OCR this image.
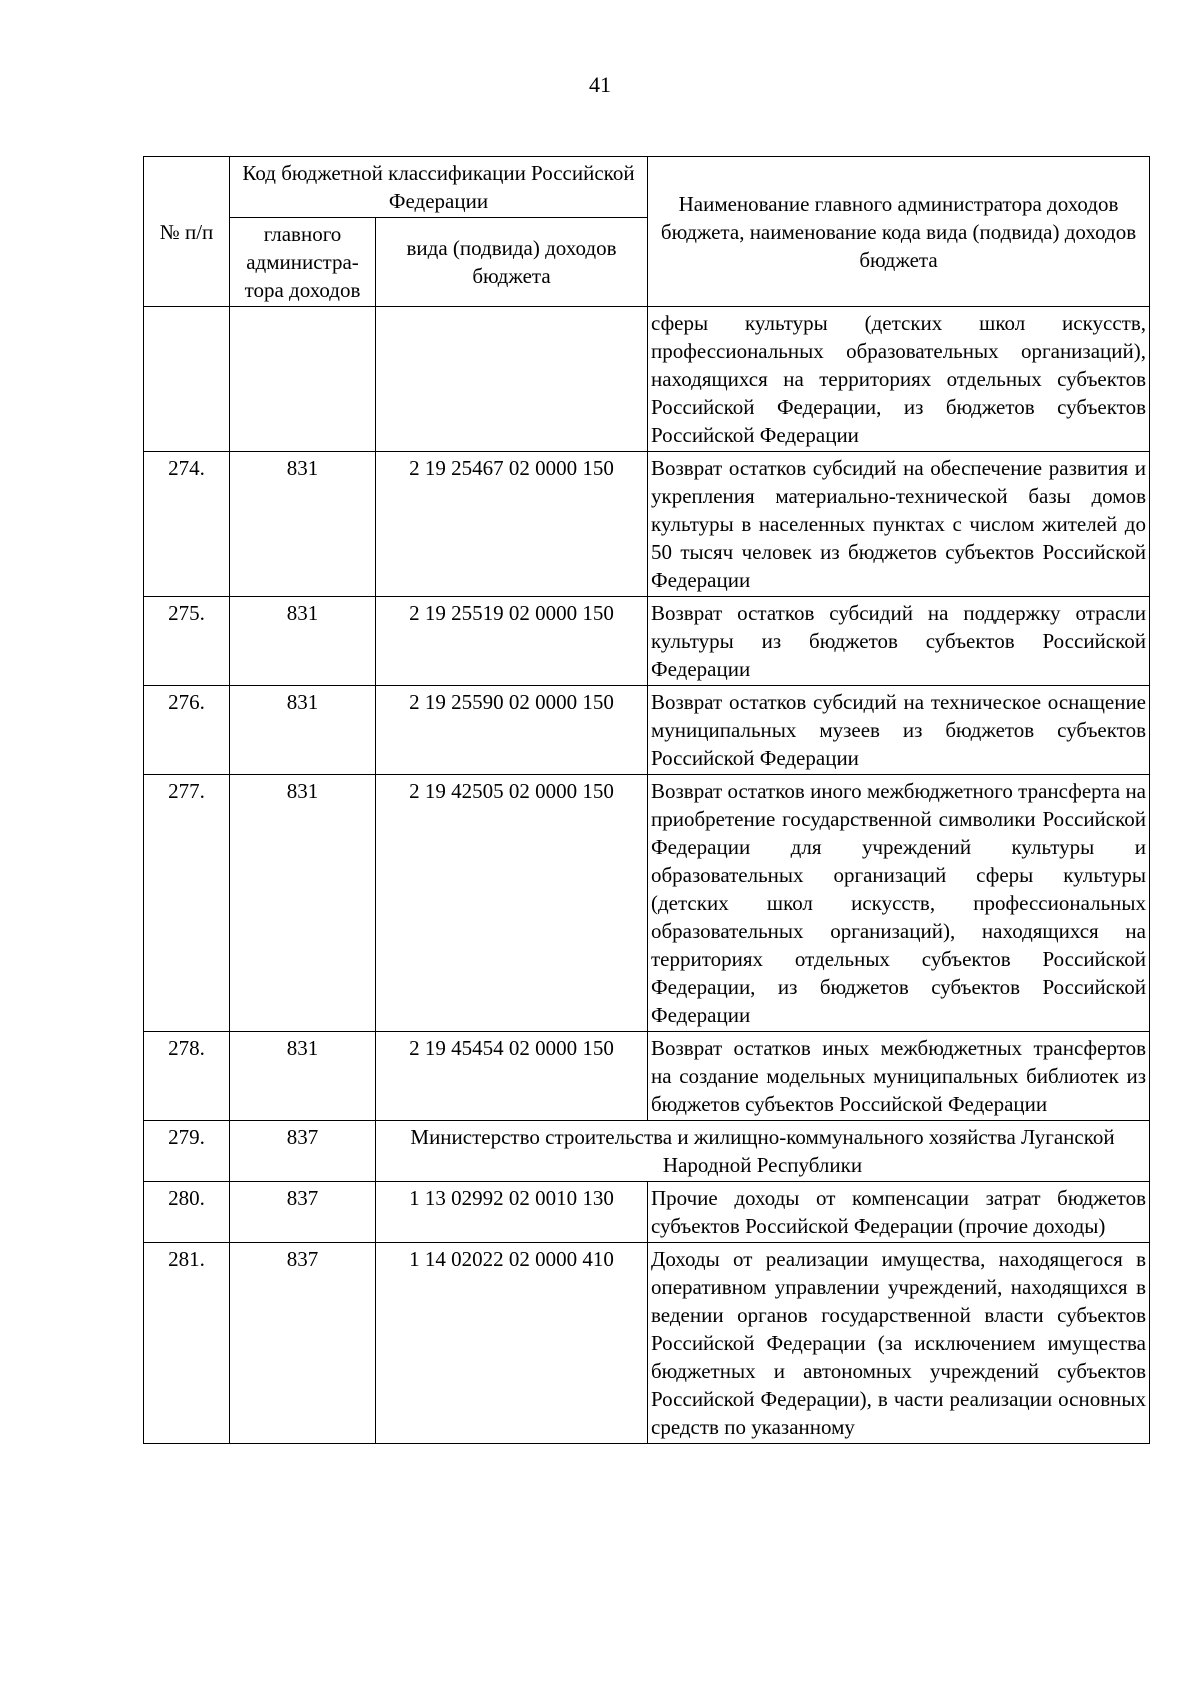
41
№ п/п	Код бюджетной классификации Российской Федерации		Наименование главного администратора доходов бюджета, наименование кода вида (подвида) доходов бюджета
	главного администра-тора доходов	вида (подвида) доходов бюджета	
			сферы культуры (детских школ искусств, профессиональных образовательных организаций), находящихся на территориях отдельных субъектов Российской Федерации, из бюджетов субъектов Российской Федерации
274.	831	2 19 25467 02 0000 150	Возврат остатков субсидий на обеспечение развития и укрепления материально-технической базы домов культуры в населенных пунктах с числом жителей до 50 тысяч человек из бюджетов субъектов Российской Федерации
275.	831	2 19 25519 02 0000 150	Возврат остатков субсидий на поддержку отрасли культуры из бюджетов субъектов Российской Федерации
276.	831	2 19 25590 02 0000 150	Возврат остатков субсидий на техническое оснащение муниципальных музеев из бюджетов субъектов Российской Федерации
277.	831	2 19 42505 02 0000 150	Возврат остатков иного межбюджетного трансферта на приобретение государственной символики Российской Федерации для учреждений культуры и образовательных организаций сферы культуры (детских школ искусств, профессиональных образовательных организаций), находящихся на территориях отдельных субъектов Российской Федерации, из бюджетов субъектов Российской Федерации
278.	831	2 19 45454 02 0000 150	Возврат остатков иных межбюджетных трансфертов на создание модельных муниципальных библиотек из бюджетов субъектов Российской Федерации
279.	837	Министерство строительства и жилищно-коммунального хозяйства Луганской Народной Республики	
280.	837	1 13 02992 02 0010 130	Прочие доходы от компенсации затрат бюджетов субъектов Российской Федерации (прочие доходы)
281.	837	1 14 02022 02 0000 410	Доходы от реализации имущества, находящегося в оперативном управлении учреждений, находящихся в ведении органов государственной власти субъектов Российской Федерации (за исключением имущества бюджетных и автономных учреждений субъектов Российской Федерации), в части реализации основных средств по указанному
